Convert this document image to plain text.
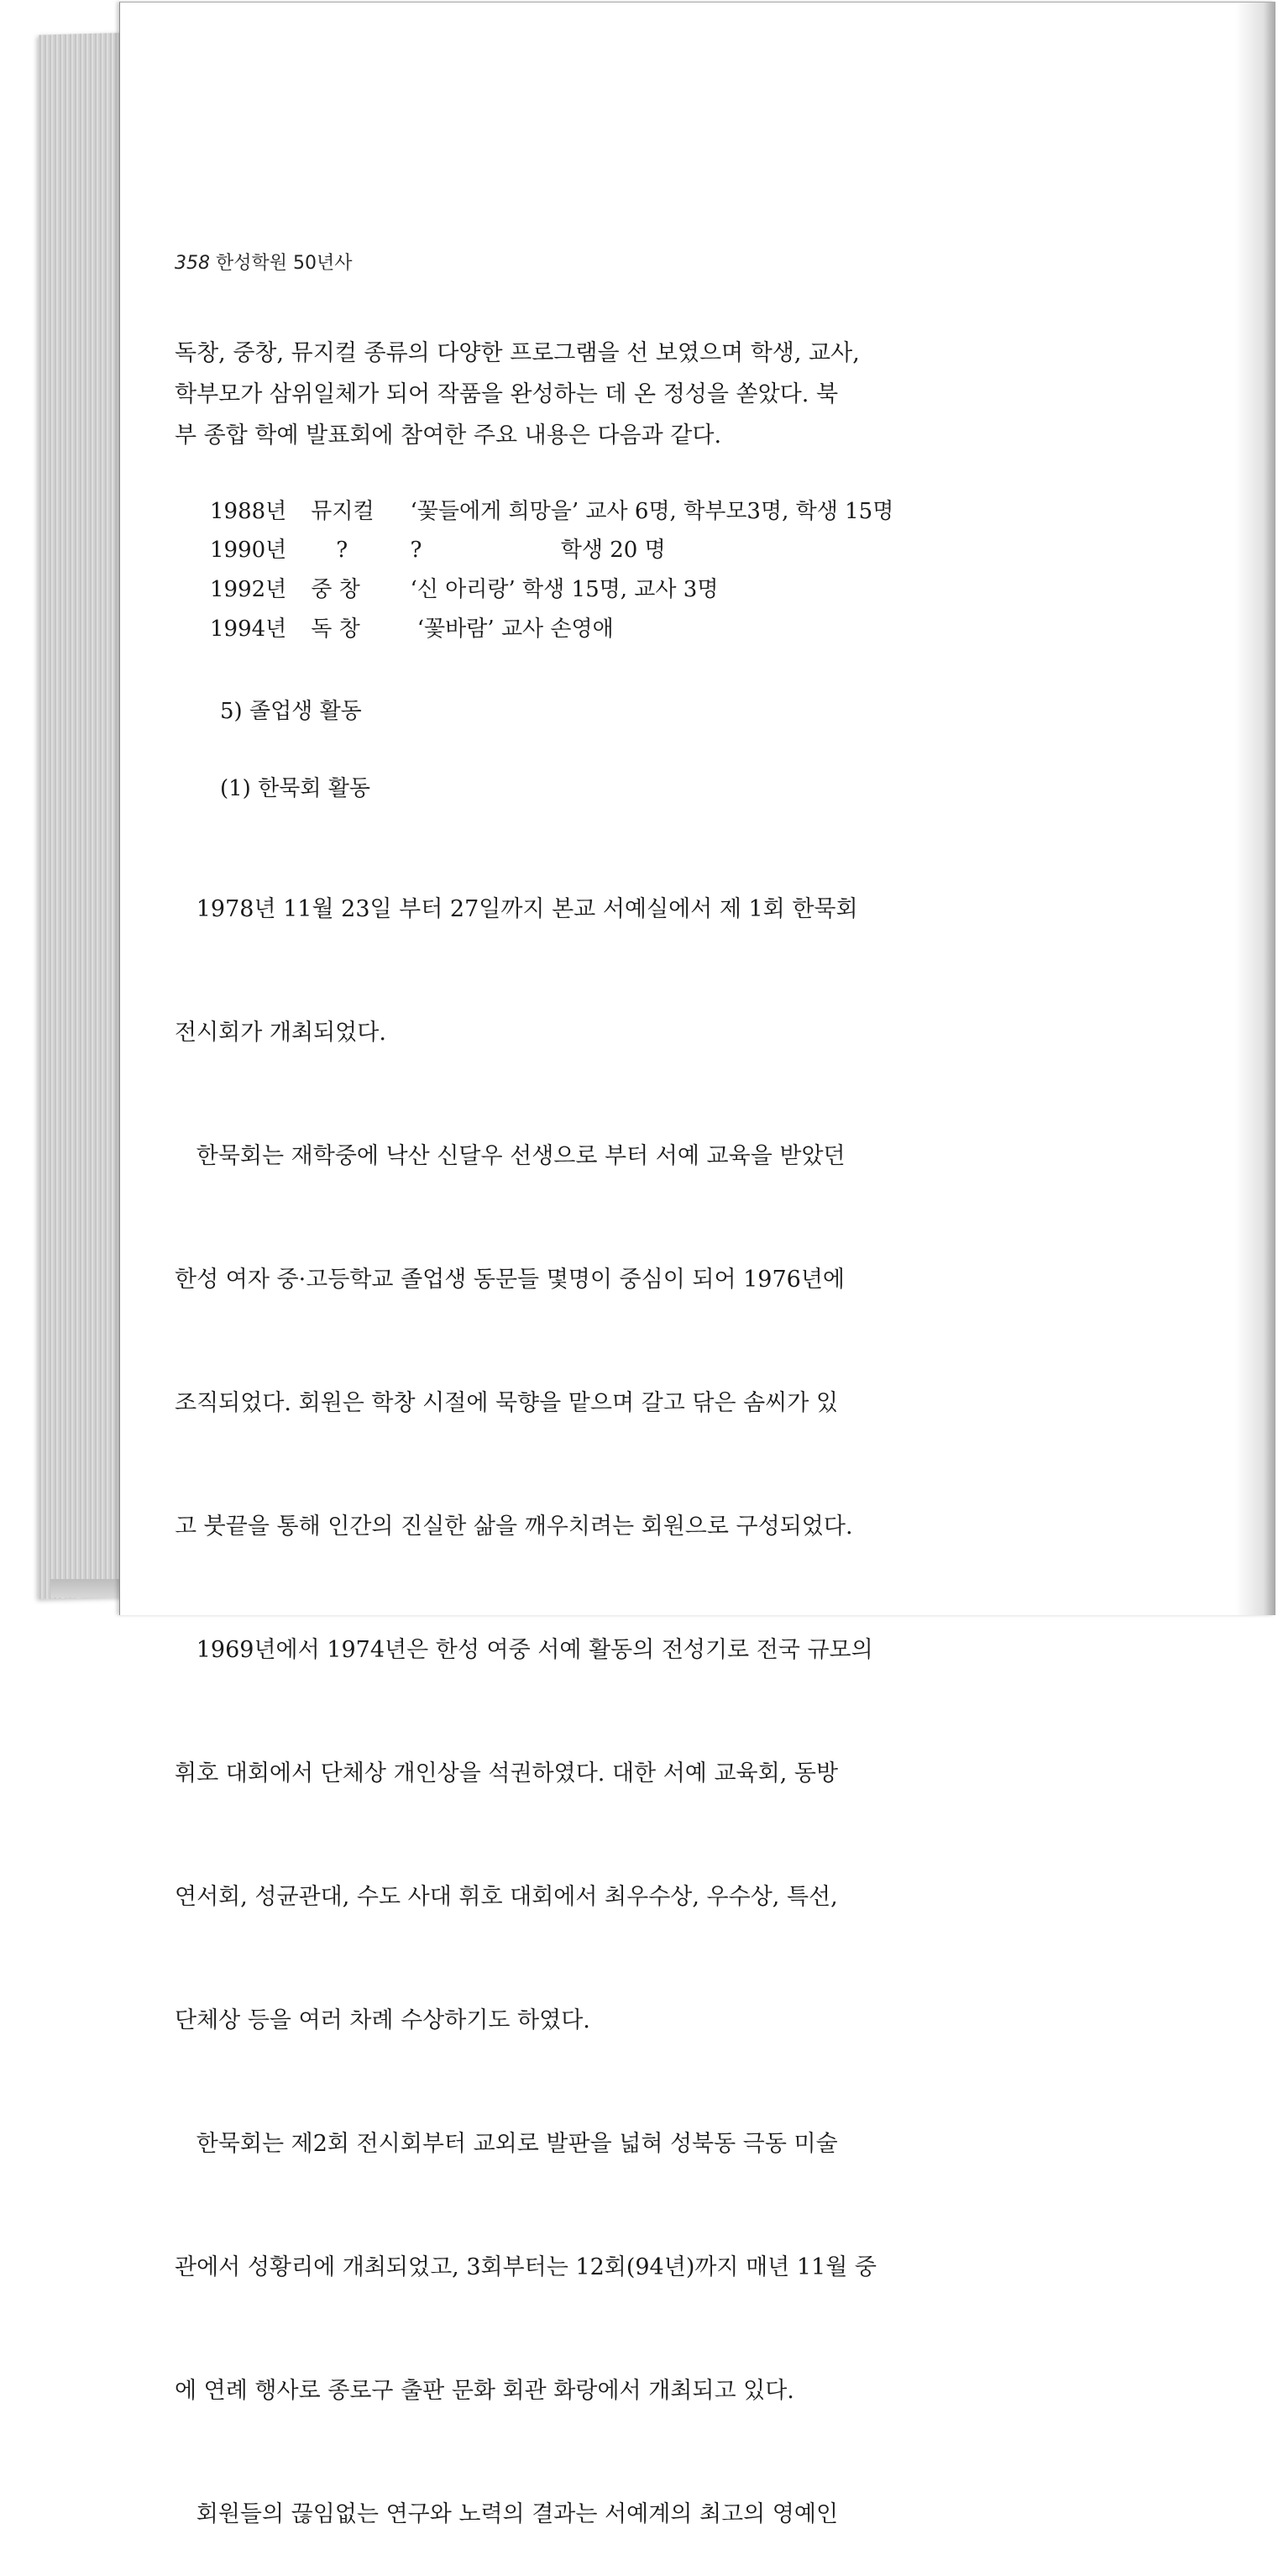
358 한성학원 50년사
독창, 중창, 뮤지컬 종류의 다양한 프로그램을 선 보였으며 학생, 교사,
학부모가 삼위일체가 되어 작품을 완성하는 데 온 정성을 쏟았다. 북
부 종합 학예 발표회에 참여한 주요 내용은 다음과 같다.
1988년 뮤지컬 ‘꽃들에게 희망을’ 교사 6명, 학부모3명, 학생 15명
1990년 ?	?                    학생 20 명
1992년 중 창 ‘신 아리랑’ 학생 15명, 교사 3명
1994년 독 창  ‘꽃바람’ 교사 손영애
5) 졸업생 활동
(1) 한묵회 활동

1978년 11월 23일 부터 27일까지 본교 서예실에서 제 1회 한묵회

전시회가 개최되었다.

한묵회는 재학중에 낙산 신달우 선생으로 부터 서예 교육을 받았던

한성 여자 중·고등학교 졸업생 동문들 몇명이 중심이 되어 1976년에

조직되었다. 회원은 학창 시절에 묵향을 맡으며 갈고 닦은 솜씨가 있

고 붓끝을 통해 인간의 진실한 삶을 깨우치려는 회원으로 구성되었다.

1969년에서 1974년은 한성 여중 서예 활동의 전성기로 전국 규모의

휘호 대회에서 단체상 개인상을 석권하였다. 대한 서예 교육회, 동방

연서회, 성균관대, 수도 사대 휘호 대회에서 최우수상, 우수상, 특선,

단체상 등을 여러 차례 수상하기도 하였다.

한묵회는 제2회 전시회부터 교외로 발판을 넓혀 성북동 극동 미술

관에서 성황리에 개최되었고, 3회부터는 12회(94년)까지 매년 11월 중

에 연례 행사로 종로구 출판 문화 회관 화랑에서 개최되고 있다.

회원들의 끊임없는 연구와 노력의 결과는 서예계의 최고의 영예인
